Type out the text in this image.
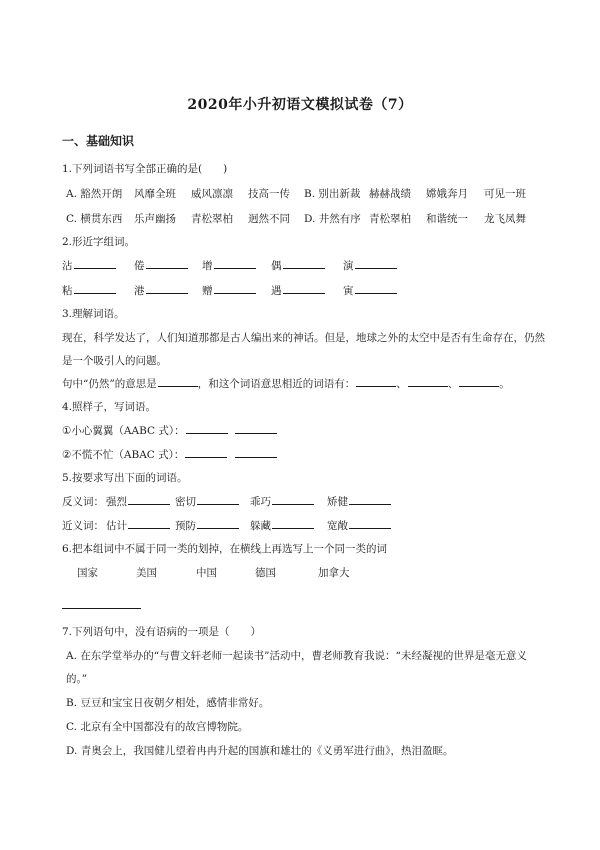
2020年小升初语文模拟试卷（7）
一、基础知识
1.下列词语书写全部正确的是(　　)
A. 豁然开朗 风靡全班 威风凛凛 技高一传 B. 别出新裁 赫赫战绩 嫦娥奔月 可见一班
C. 横贯东西 乐声幽扬 青松翠柏 迥然不同 D. 井然有序 青松翠柏 和谐统一 龙飞凤舞
2.形近字组词。
沾	倦	增	偶	演
粘	港	赠	遇	寅
3.理解词语。
现在，科学发达了，人们知道那都是古人编出来的神话。但是，地球之外的太空中是否有生命存在，仍然
是一个吸引人的问题。
句中“仍然”的意思是	，和这个词语意思相近的词语有：	、	、	。
4.照样子，写词语。
①小心翼翼（AABC 式）：
②不慌不忙（ABAC 式）：
5.按要求写出下面的词语。
反义词： 强烈	密切	乖巧	矫健
近义词： 估计	预防	躲藏	宽敞
6.把本组词中不属于同一类的划掉，在横线上再选写上一个同一类的词
国家	美国	中国	德国	加拿大
7.下列语句中，没有语病的一项是（　　）
A. 在东学堂举办的“与曹文轩老师一起读书”活动中，曹老师教育我说：“未经凝视的世界是毫无意义
的。”
B. 豆豆和宝宝日夜朝夕相处，感情非常好。
C. 北京有全中国都没有的故宫博物院。
D. 青奥会上，我国健儿望着冉冉升起的国旗和雄壮的《义勇军进行曲》，热泪盈眶。
